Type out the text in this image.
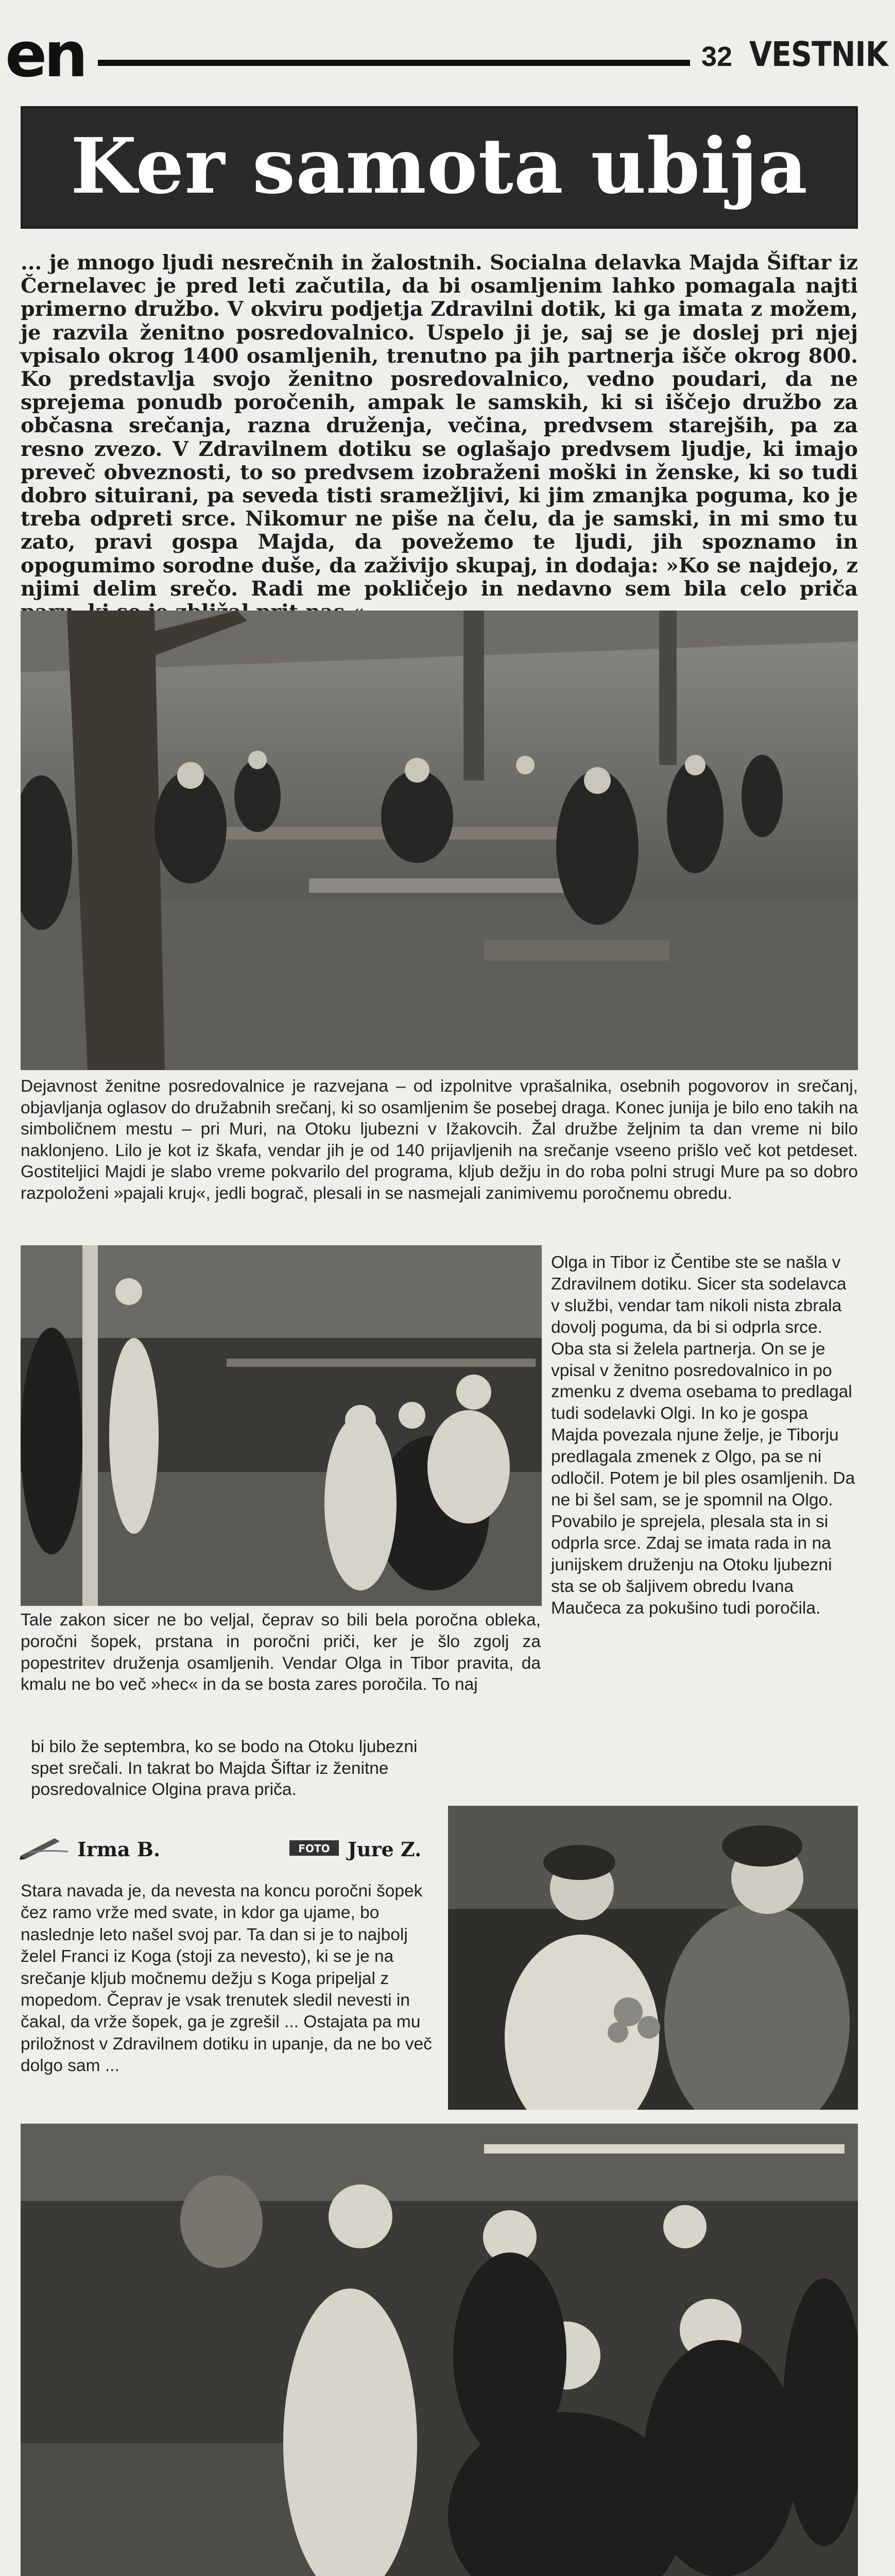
en	32 VESTNIK
Ker samota ubija ...

... je mnogo ljudi nesrečnih in žalostnih. Socialna delavka Majda Šiftar iz Černelavec je pred leti začutila, da bi osamljenim lahko pomagala najti primerno družbo. V okviru podjetja Zdravilni dotik, ki ga imata z možem, je razvila ženitno posredovalnico. Uspelo ji je, saj se je doslej pri njej vpisalo okrog 1400 osamljenih, trenutno pa jih partnerja išče okrog 800. Ko predstavlja svojo ženitno posredovalnico, vedno poudari, da ne sprejema ponudb poročenih, ampak le samskih, ki si iščejo družbo za občasna srečanja, razna druženja, večina, predvsem starejših, pa za resno zvezo. V Zdravilnem dotiku se oglašajo predvsem ljudje, ki imajo preveč obveznosti, to so predvsem izobraženi moški in ženske, ki so tudi dobro situirani, pa seveda tisti sramežljivi, ki jim zmanjka poguma, ko je treba odpreti srce. Nikomur ne piše na čelu, da je samski, in mi smo tu zato, pravi gospa Majda, da povežemo te ljudi, jih spoznamo in opogumimo sorodne duše, da zaživijo skupaj, in dodaja: »Ko se najdejo, z njimi delim srečo. Radi me pokličejo in nedavno sem bila celo priča

Dejavnost ženitne posredovalnice je razvejana – od izpolnitve vprašalnika, osebnih pogovorov in srečanj, objavljanja oglasov do družabnih srečanj, ki so osamljenim še posebej draga. Konec junija je bilo eno takih na simboličnem mestu – pri Muri, na Otoku ljubezni v Ižakovcih. Žal družbe željnim ta dan vreme ni bilo naklonjeno. Lilo je kot iz škafa, vendar jih je od 140 prijavljenih na srečanje vseeno prišlo več kot petdeset. Gostiteljici Majdi je slabo vreme pokvarilo del programa, kljub dežju in do roba polni strugi Mure pa so dobro razpoloženi »pajali kruj«, jedli bograč, plesali in se nasmejali zanimivemu poročnemu obredu.

Olga in Tibor iz Čentibe ste se našla v Zdravilnem dotiku. Sicer sta sodelavca v službi, vendar tam nikoli nista zbrala dovolj poguma, da bi si odprla srce. Oba sta si želela partnerja. On se je vpisal v ženitno posredovalnico in po zmenku z dvema osebama to predlagal tudi sodelavki Olgi. In ko je gospa Majda povezala njune želje, je Tiborju predlagala zmenek z Olgo, pa se ni odločil. Potem je bil ples osamljenih. Da ne bi šel sam, se je spomnil na Olgo. Povabilo je sprejela, plesala sta in si odprla srce. Zdaj se imata rada in na junijskem druženju na Otoku ljubezni sta se ob šaljivem obredu Ivana Maučeca za pokušino tudi poročila.

Tale zakon sicer ne bo veljal, čeprav so bili bela poročna obleka, poročni šopek, prstana in poročni priči, ker je šlo zgolj za popestritev druženja osamljenih. Vendar Olga in Tibor pravita, da kmalu ne bo več »hec« in da se bosta zares poročila. To naj

bi bilo že septembra, ko se bodo na Otoku ljubezni spet srečali. In takrat bo Majda Šiftar iz ženitne posredovalnice Olgina prava priča.

Irma B.	FOTO Jure Z.

Stara navada je, da nevesta na koncu poročni šopek čez ramo vrže med svate, in kdor ga ujame, bo naslednje leto našel svoj par. Ta dan si je to najbolj želel Franci iz Koga (stoji za nevesto), ki se je na srečanje kljub močnemu dežju s Koga pripeljal z mopedom. Čeprav je vsak trenutek sledil nevesti in čakal, da vrže šopek, ga je zgrešil ... Ostajata pa mu priložnost v Zdravilnem dotiku in upanje, da ne bo več dolgo sam ...
